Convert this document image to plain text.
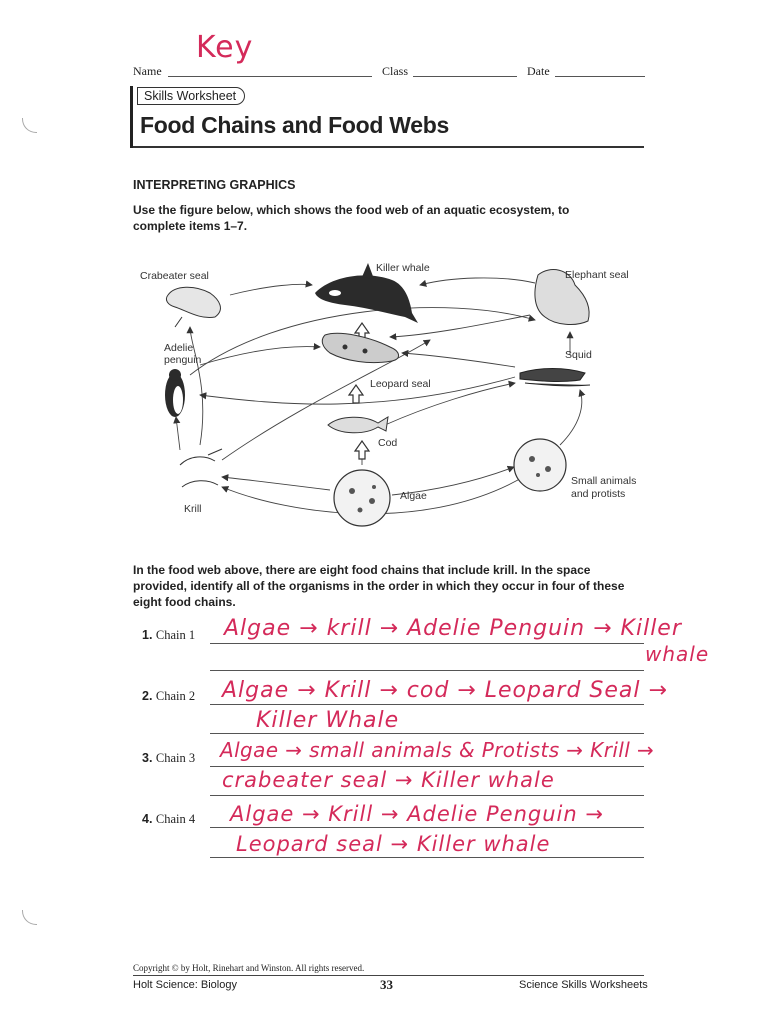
Name
Key
Class	Date
Skills Worksheet
Food Chains and Food Webs
INTERPRETING GRAPHICS
Use the figure below, which shows the food web of an aquatic ecosystem, to complete items 1–7.
Killer whale
Crabeater seal	Elephant seal
Adelie penguin	Squid
Leopard seal
Cod
Krill
Algae
Small animals and protists
In the food web above, there are eight food chains that include krill. In the space provided, identify all of the organisms in the order in which they occur in four of these eight food chains.
1. Chain 1 Algae → krill → Adelie Penguin → Killer
whale
2. Chain 2 Algae → Krill → cod → Leopard Seal →
Killer Whale
3. Chain 3 Algae → small animals & Protists → Krill →
crabeater seal → Killer whale
4. Chain 4 Algae → Krill → Adelie Penguin →
Leopard seal → Killer whale
Copyright © by Holt, Rinehart and Winston. All rights reserved.
Holt Science: Biology	33	Science Skills Worksheets
